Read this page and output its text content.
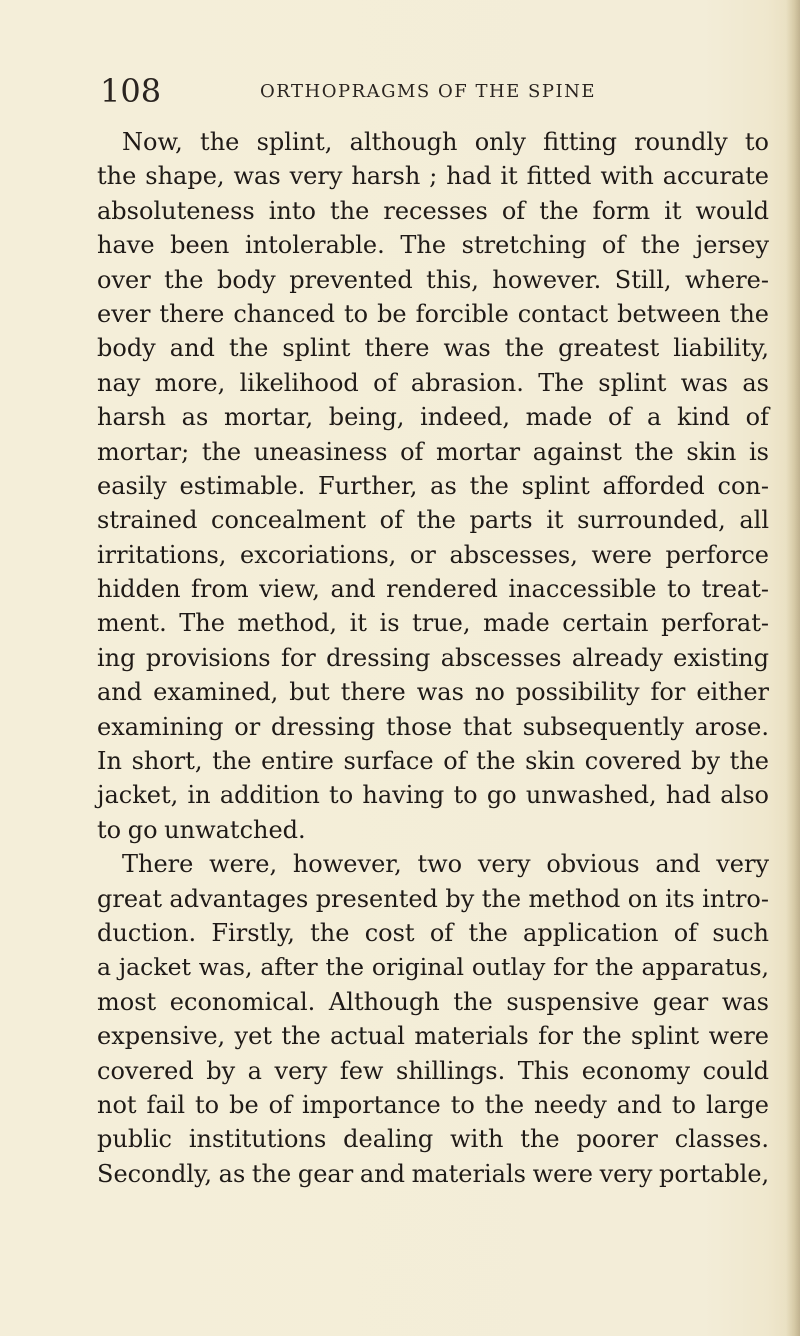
108	ORTHOPRAGMS OF THE SPINE
Now, the splint, although only fitting roundly to
the shape, was very harsh ; had it fitted with accurate
absoluteness into the recesses of the form it would
have been intolerable. The stretching of the jersey
over the body prevented this, however. Still, where-
ever there chanced to be forcible contact between the
body and the splint there was the greatest liability,
nay more, likelihood of abrasion. The splint was as
harsh as mortar, being, indeed, made of a kind of
mortar; the uneasiness of mortar against the skin is
easily estimable. Further, as the splint afforded con-
strained concealment of the parts it surrounded, all
irritations, excoriations, or abscesses, were perforce
hidden from view, and rendered inaccessible to treat-
ment. The method, it is true, made certain perforat-
ing provisions for dressing abscesses already existing
and examined, but there was no possibility for either
examining or dressing those that subsequently arose.
In short, the entire surface of the skin covered by the
jacket, in addition to having to go unwashed, had also
to go unwatched.
There were, however, two very obvious and very
great advantages presented by the method on its intro-
duction. Firstly, the cost of the application of such
a jacket was, after the original outlay for the apparatus,
most economical. Although the suspensive gear was
expensive, yet the actual materials for the splint were
covered by a very few shillings. This economy could
not fail to be of importance to the needy and to large
public institutions dealing with the poorer classes.
Secondly, as the gear and materials were very portable,
